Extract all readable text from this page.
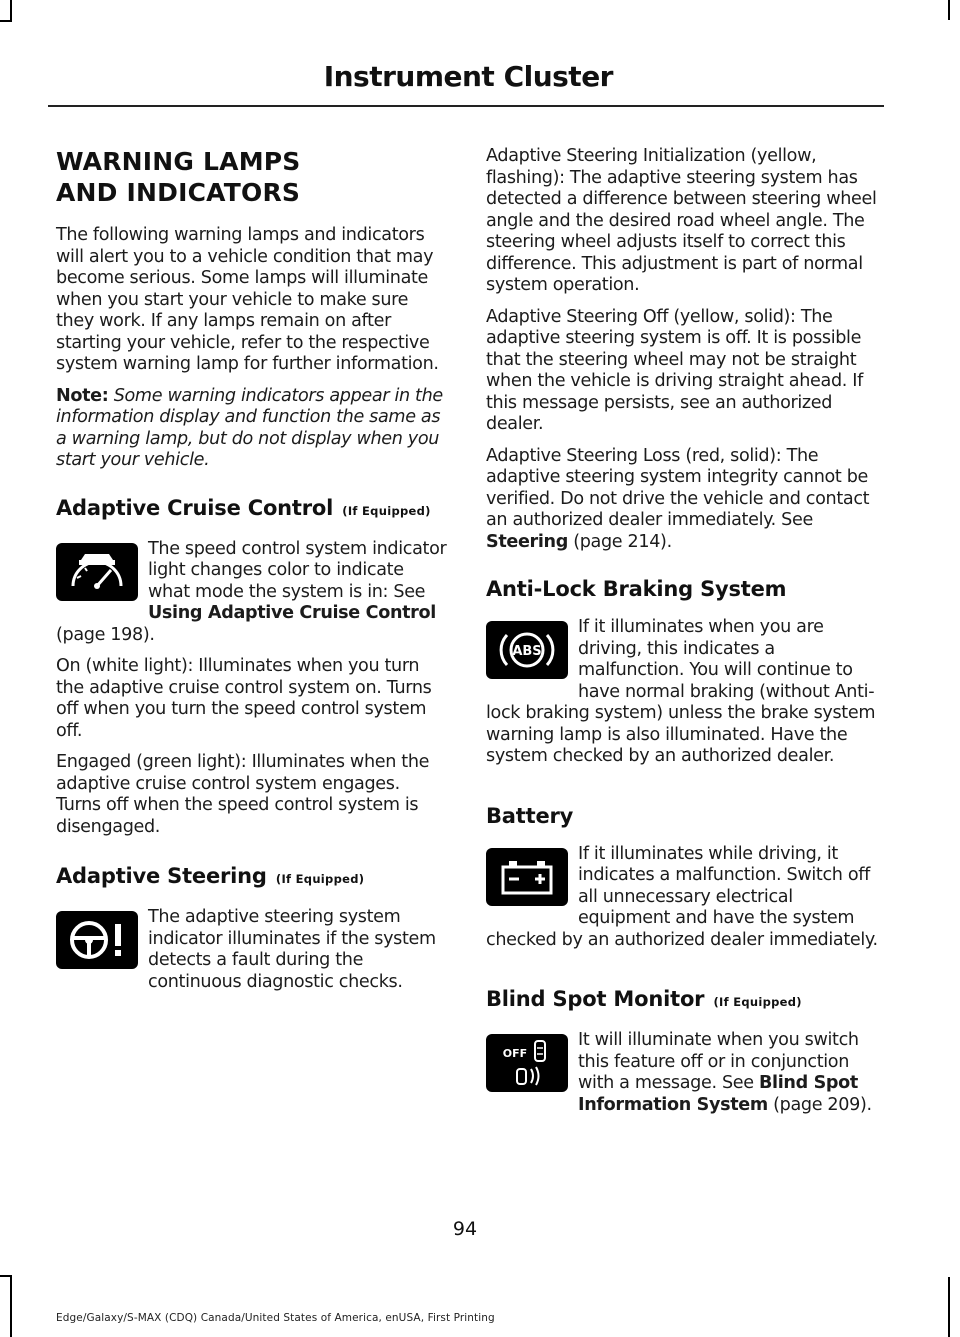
Instrument Cluster
WARNING LAMPS AND INDICATORS

The following warning lamps and indicators will alert you to a vehicle condition that may become serious. Some lamps will illuminate when you start your vehicle to make sure they work. If any lamps remain on after starting your vehicle, refer to the respective system warning lamp for further information.

Note: Some warning indicators appear in the information display and function the same as a warning lamp, but do not display when you start your vehicle.

Adaptive Cruise Control (If Equipped)

The speed control system indicator light changes color to indicate what mode the system is in: See Using Adaptive Cruise Control (page 198).

On (white light): Illuminates when you turn the adaptive cruise control system on. Turns off when you turn the speed control system off.

Engaged (green light): Illuminates when the adaptive cruise control system engages. Turns off when the speed control system is disengaged.

Adaptive Steering (If Equipped)

The adaptive steering system indicator illuminates if the system detects a fault during the continuous diagnostic checks.

Adaptive Steering Initialization (yellow, flashing): The adaptive steering system has detected a difference between steering wheel angle and the desired road wheel angle. The steering wheel adjusts itself to correct this difference. This adjustment is part of normal system operation.

Adaptive Steering Off (yellow, solid): The adaptive steering system is off. It is possible that the steering wheel may not be straight when the vehicle is driving straight ahead. If this message persists, see an authorized dealer.

Adaptive Steering Loss (red, solid): The adaptive steering system integrity cannot be verified. Do not drive the vehicle and contact an authorized dealer immediately. See Steering (page 214).

Anti-Lock Braking System
ABS

If it illuminates when you are driving, this indicates a malfunction. You will continue to have normal braking (without Anti-lock braking system) unless the brake system warning lamp is also illuminated. Have the system checked by an authorized dealer.

Battery

If it illuminates while driving, it indicates a malfunction. Switch off all unnecessary electrical equipment and have the system checked by an authorized dealer immediately.

Blind Spot Monitor (If Equipped)
OFF

It will illuminate when you switch this feature off or in conjunction with a message. See Blind Spot Information System (page 209).

94
Edge/Galaxy/S-MAX (CDQ) Canada/United States of America, enUSA, First Printing
